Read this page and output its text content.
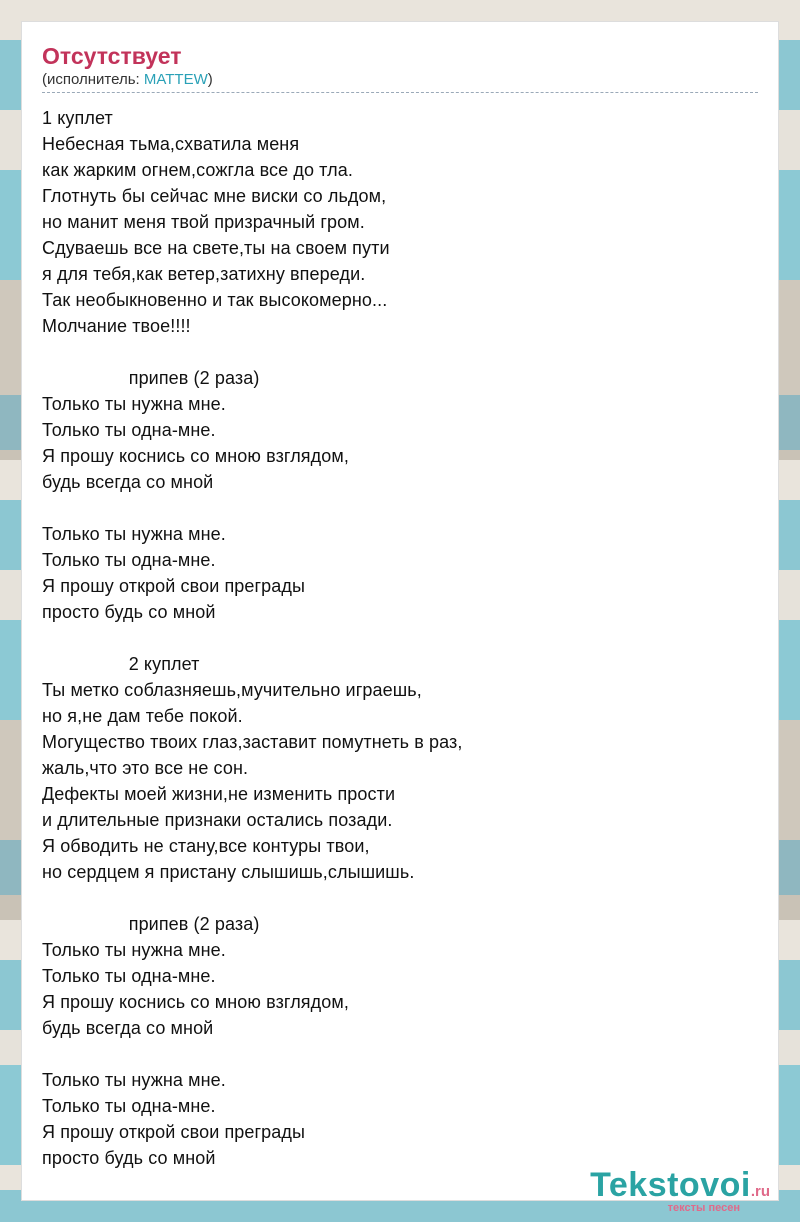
Отсутствует
(исполнитель: MATTEW)
1 куплет
Небесная тьма,схватила меня
как жарким огнем,сожгла все до тла.
Глотнуть бы сейчас мне виски со льдом,
но манит меня твой призрачный гром.
Сдуваешь все на свете,ты на своем пути
я для тебя,как ветер,затихну впереди.
Так необыкновенно и так высокомерно...
Молчание твое!!!!

припев (2 раза)
Только ты нужна мне.
Только ты одна-мне.
Я прошу коснись со мною взглядом,
будь всегда со мной

Только ты нужна мне.
Только ты одна-мне.
Я прошу открой свои преграды
просто будь со мной

2 куплет
Ты метко соблазняешь,мучительно играешь,
но я,не дам тебе покой.
Могущество твоих глаз,заставит помутнеть в раз,
жаль,что это все не сон.
Дефекты моей жизни,не изменить прости
и длительные признаки остались позади.
Я обводить не стану,все контуры твои,
но сердцем я пристану слышишь,слышишь.

припев (2 раза)
Только ты нужна мне.
Только ты одна-мне.
Я прошу коснись со мною взглядом,
будь всегда со мной

Только ты нужна мне.
Только ты одна-мне.
Я прошу открой свои преграды
просто будь со мной
Tekstovoi.ru
тексты песен
